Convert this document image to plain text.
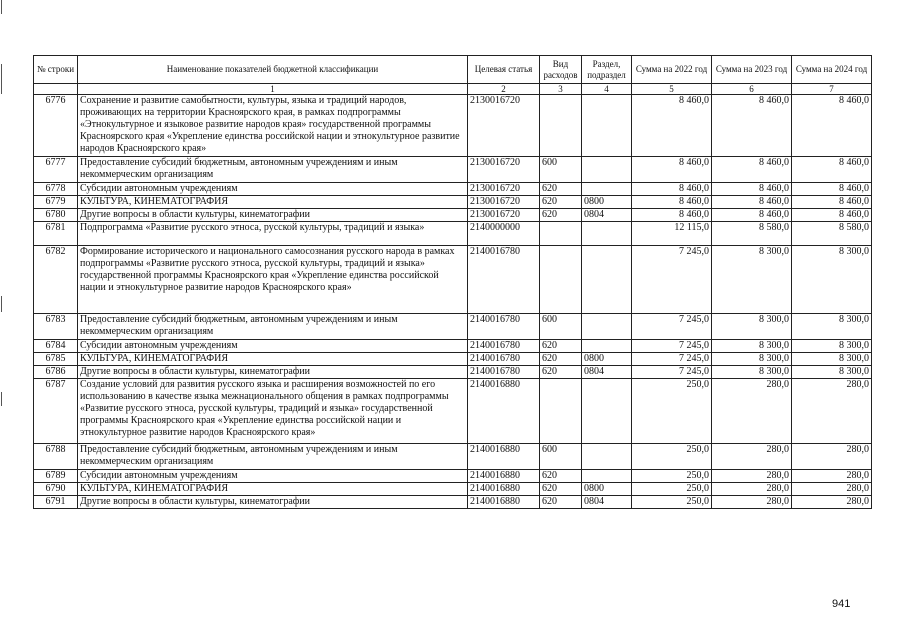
№ строки	Наименование показателей бюджетной классификации	Целевая статья	Вид расходов	Раздел, подраздел	Сумма на 2022 год	Сумма на 2023 год	Сумма на 2024 год
	1	2	3	4	5	6	7
6776	Сохранение и развитие самобытности, культуры, языка и традиций народов, проживающих на территории Красноярского края, в рамках подпрограммы «Этнокультурное и языковое развитие народов края» государственной программы Красноярского края «Укрепление единства российской нации и этнокультурное развитие народов Красноярского края»	2130016720			8 460,0	8 460,0	8 460,0
6777	Предоставление субсидий бюджетным, автономным учреждениям и иным некоммерческим организациям	2130016720	600		8 460,0	8 460,0	8 460,0
6778	Субсидии автономным учреждениям	2130016720	620		8 460,0	8 460,0	8 460,0
6779	КУЛЬТУРА, КИНЕМАТОГРАФИЯ	2130016720	620	0800	8 460,0	8 460,0	8 460,0
6780	Другие вопросы в области культуры, кинематографии	2130016720	620	0804	8 460,0	8 460,0	8 460,0
6781	Подпрограмма «Развитие русского этноса, русской культуры, традиций и языка»	2140000000			12 115,0	8 580,0	8 580,0
6782	Формирование исторического и национального самосознания русского народа в рамках подпрограммы «Развитие русского этноса, русской культуры, традиций и языка» государственной программы Красноярского края «Укрепление единства российской нации и этнокультурное развитие народов Красноярского края»	2140016780			7 245,0	8 300,0	8 300,0
6783	Предоставление субсидий бюджетным, автономным учреждениям и иным некоммерческим организациям	2140016780	600		7 245,0	8 300,0	8 300,0
6784	Субсидии автономным учреждениям	2140016780	620		7 245,0	8 300,0	8 300,0
6785	КУЛЬТУРА, КИНЕМАТОГРАФИЯ	2140016780	620	0800	7 245,0	8 300,0	8 300,0
6786	Другие вопросы в области культуры, кинематографии	2140016780	620	0804	7 245,0	8 300,0	8 300,0
6787	Создание условий для развития русского языка и расширения возможностей по его использованию в качестве языка межнационального общения в рамках подпрограммы «Развитие русского этноса, русской культуры, традиций и языка» государственной программы Красноярского края «Укрепление единства российской нации и этнокультурное развитие народов Красноярского края»	2140016880			250,0	280,0	280,0
6788	Предоставление субсидий бюджетным, автономным учреждениям и иным некоммерческим организациям	2140016880	600		250,0	280,0	280,0
6789	Субсидии автономным учреждениям	2140016880	620		250,0	280,0	280,0
6790	КУЛЬТУРА, КИНЕМАТОГРАФИЯ	2140016880	620	0800	250,0	280,0	280,0
6791	Другие вопросы в области культуры, кинематографии	2140016880	620	0804	250,0	280,0	280,0
941
